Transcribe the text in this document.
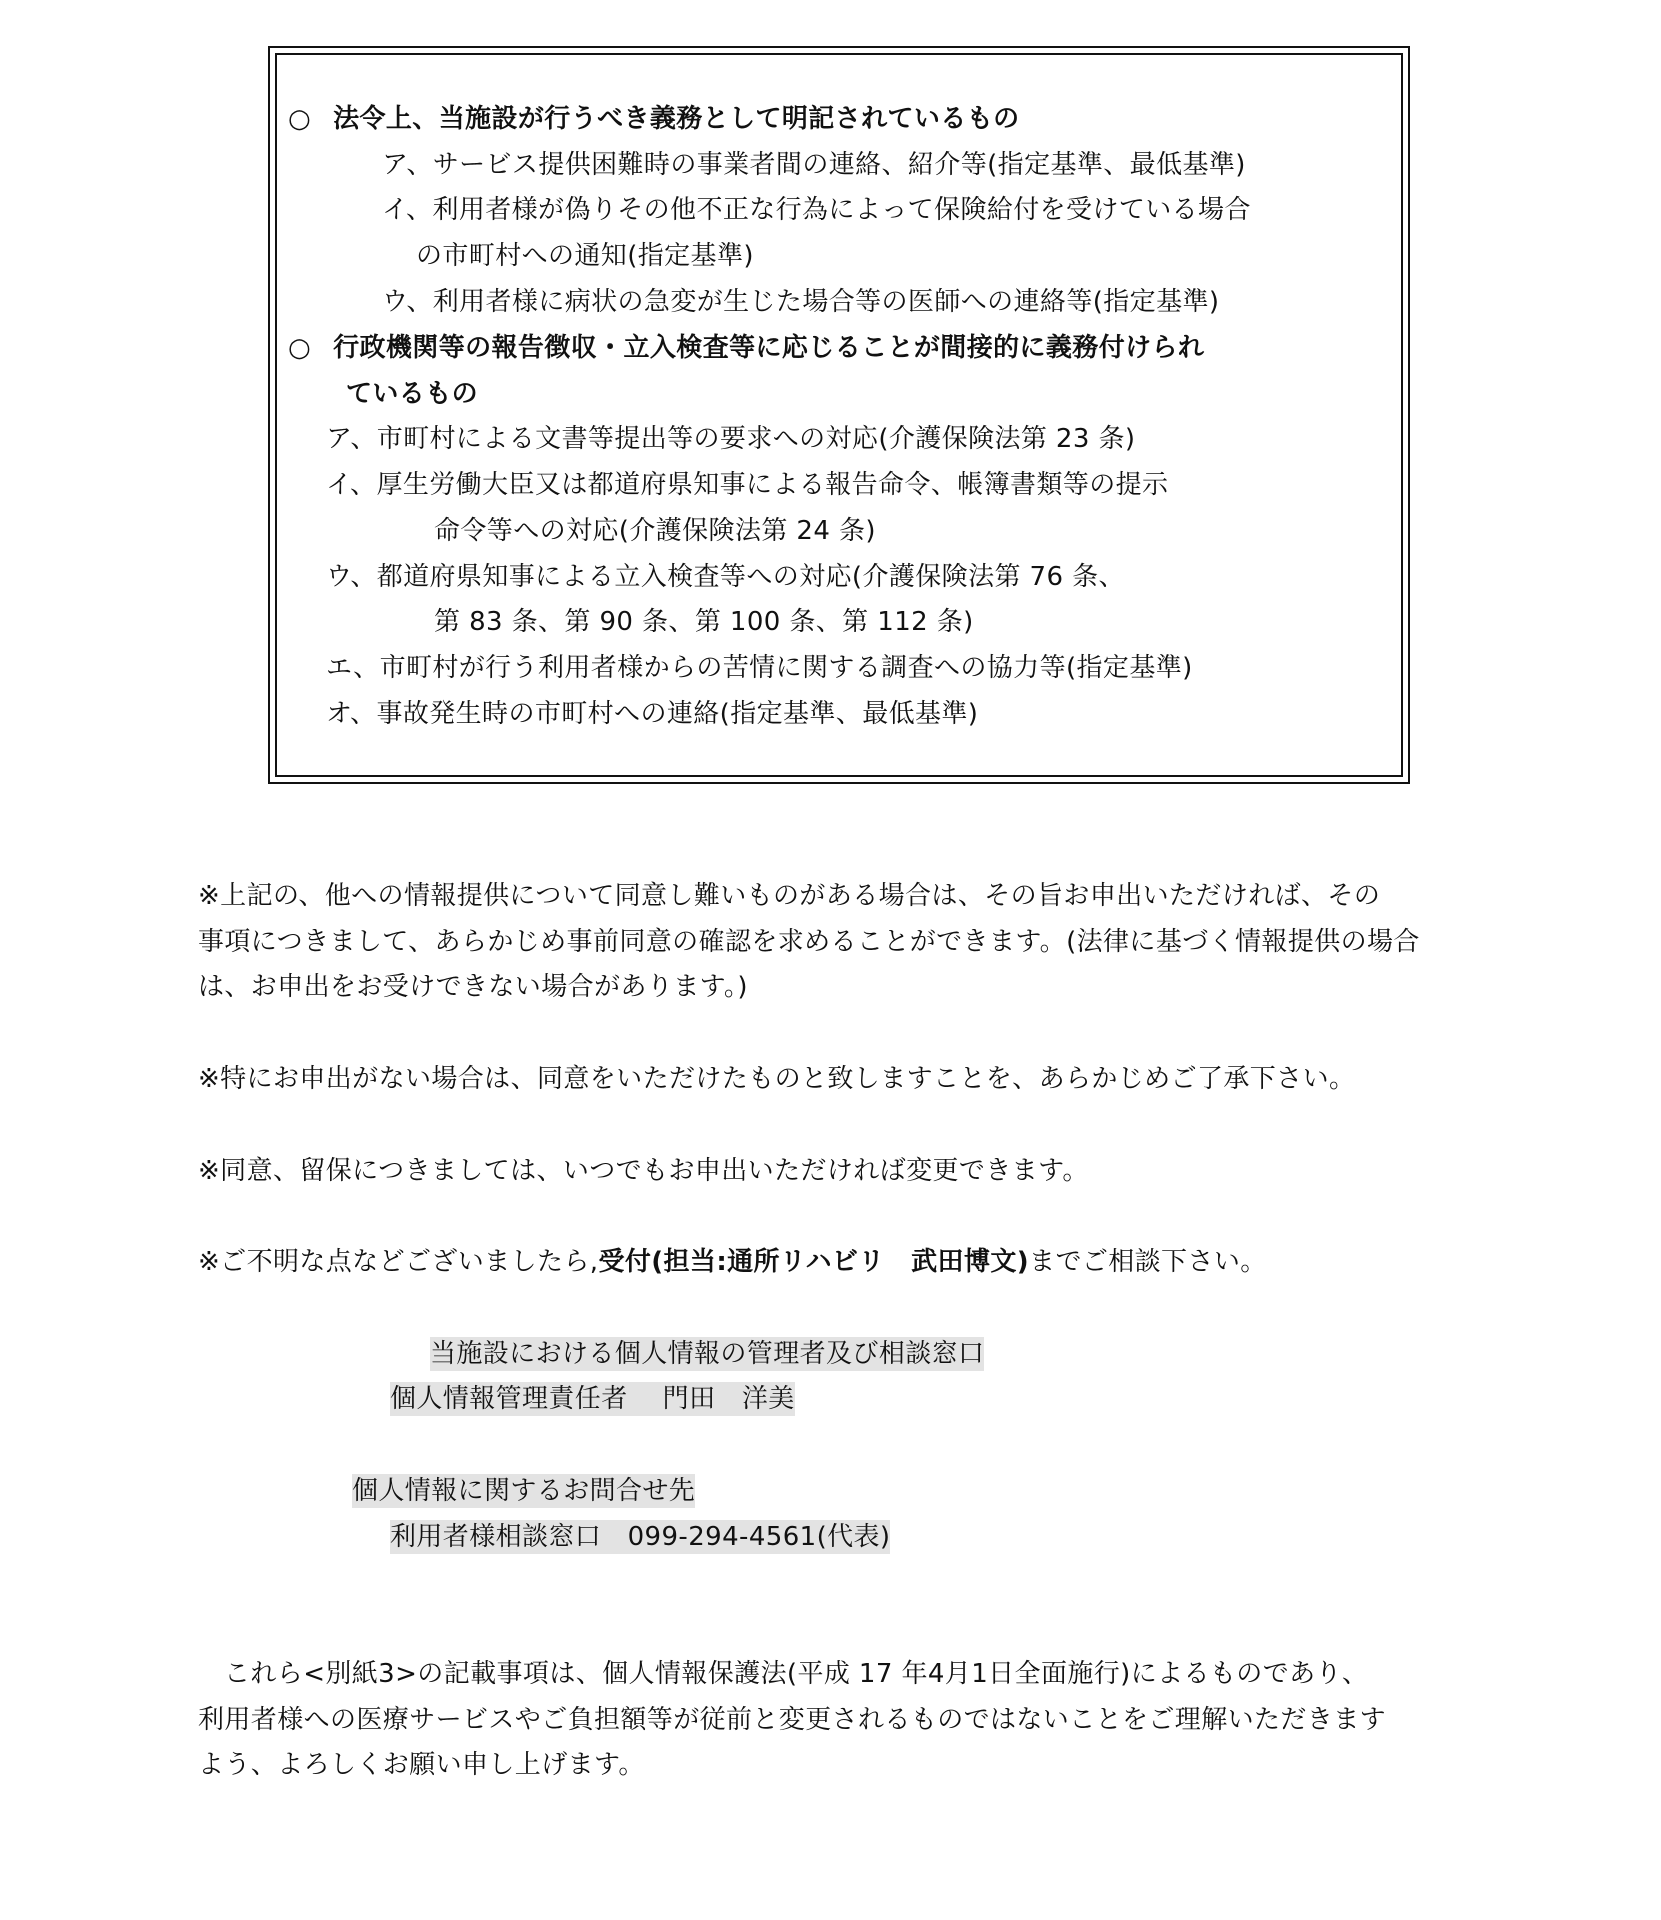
○ 法令上、当施設が行うべき義務として明記されているもの
ア、サービス提供困難時の事業者間の連絡、紹介等(指定基準、最低基準)
イ、利用者様が偽りその他不正な行為によって保険給付を受けている場合
の市町村への通知(指定基準)
ウ、利用者様に病状の急変が生じた場合等の医師への連絡等(指定基準)
○ 行政機関等の報告徴収・立入検査等に応じることが間接的に義務付けられ
ているもの
ア、市町村による文書等提出等の要求への対応(介護保険法第 23 条)
イ、厚生労働大臣又は都道府県知事による報告命令、帳簿書類等の提示
命令等への対応(介護保険法第 24 条)
ウ、都道府県知事による立入検査等への対応(介護保険法第 76 条、
第 83 条、第 90 条、第 100 条、第 112 条)
エ、市町村が行う利用者様からの苦情に関する調査への協力等(指定基準)
オ、事故発生時の市町村への連絡(指定基準、最低基準)
※上記の、他への情報提供について同意し難いものがある場合は、その旨お申出いただければ、その
事項につきまして、あらかじめ事前同意の確認を求めることができます。(法律に基づく情報提供の場合
は、お申出をお受けできない場合があります。)
※特にお申出がない場合は、同意をいただけたものと致しますことを、あらかじめご了承下さい。
※同意、留保につきましては、いつでもお申出いただければ変更できます。
※ご不明な点などございましたら,受付(担当:通所リハビリ　武田博文)までご相談下さい。
当施設における個人情報の管理者及び相談窓口
個人情報管理責任者　 門田　洋美
個人情報に関するお問合せ先
利用者様相談窓口　099-294-4561(代表)
これら<別紙3>の記載事項は、個人情報保護法(平成 17 年4月1日全面施行)によるものであり、
利用者様への医療サービスやご負担額等が従前と変更されるものではないことをご理解いただきます
よう、よろしくお願い申し上げます。
